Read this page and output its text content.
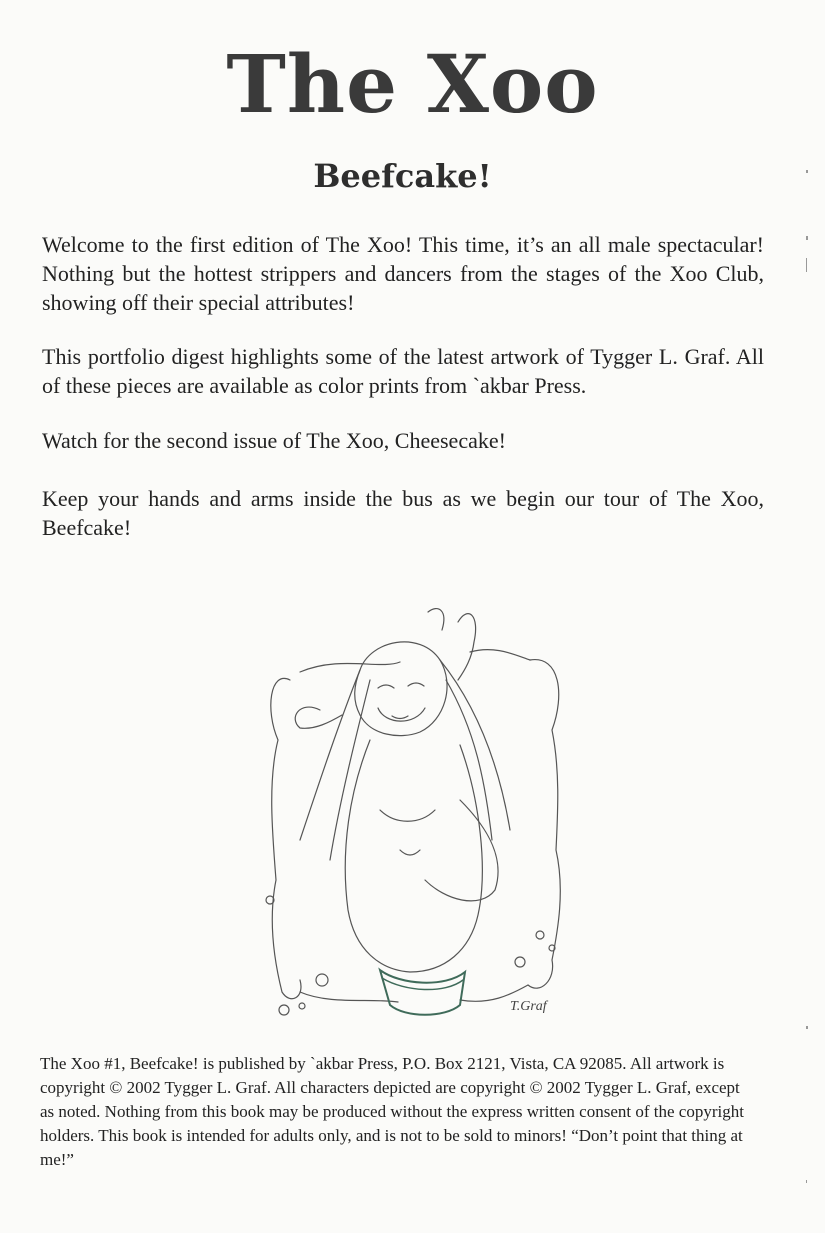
The Xoo
Beefcake!

Welcome to the first edition of The Xoo! This time, it’s an all male spectacular! Nothing but the hottest strippers and dancers from the stages of the Xoo Club, showing off their special attributes!

This portfolio digest highlights some of the latest artwork of Tygger L. Graf. All of these pieces are available as color prints from `akbar Press.

Watch for the second issue of The Xoo, Cheesecake!

Keep your hands and arms inside the bus as we begin our tour of The Xoo, Beefcake!

T.Graf

The Xoo #1, Beefcake! is published by `akbar Press, P.O. Box 2121, Vista, CA 92085. All artwork is copyright © 2002 Tygger L. Graf. All characters depicted are copyright © 2002 Tygger L. Graf, except as noted. Nothing from this book may be produced without the express written consent of the copyright holders. This book is intended for adults only, and is not to be sold to minors! “Don’t point that thing at me!”
